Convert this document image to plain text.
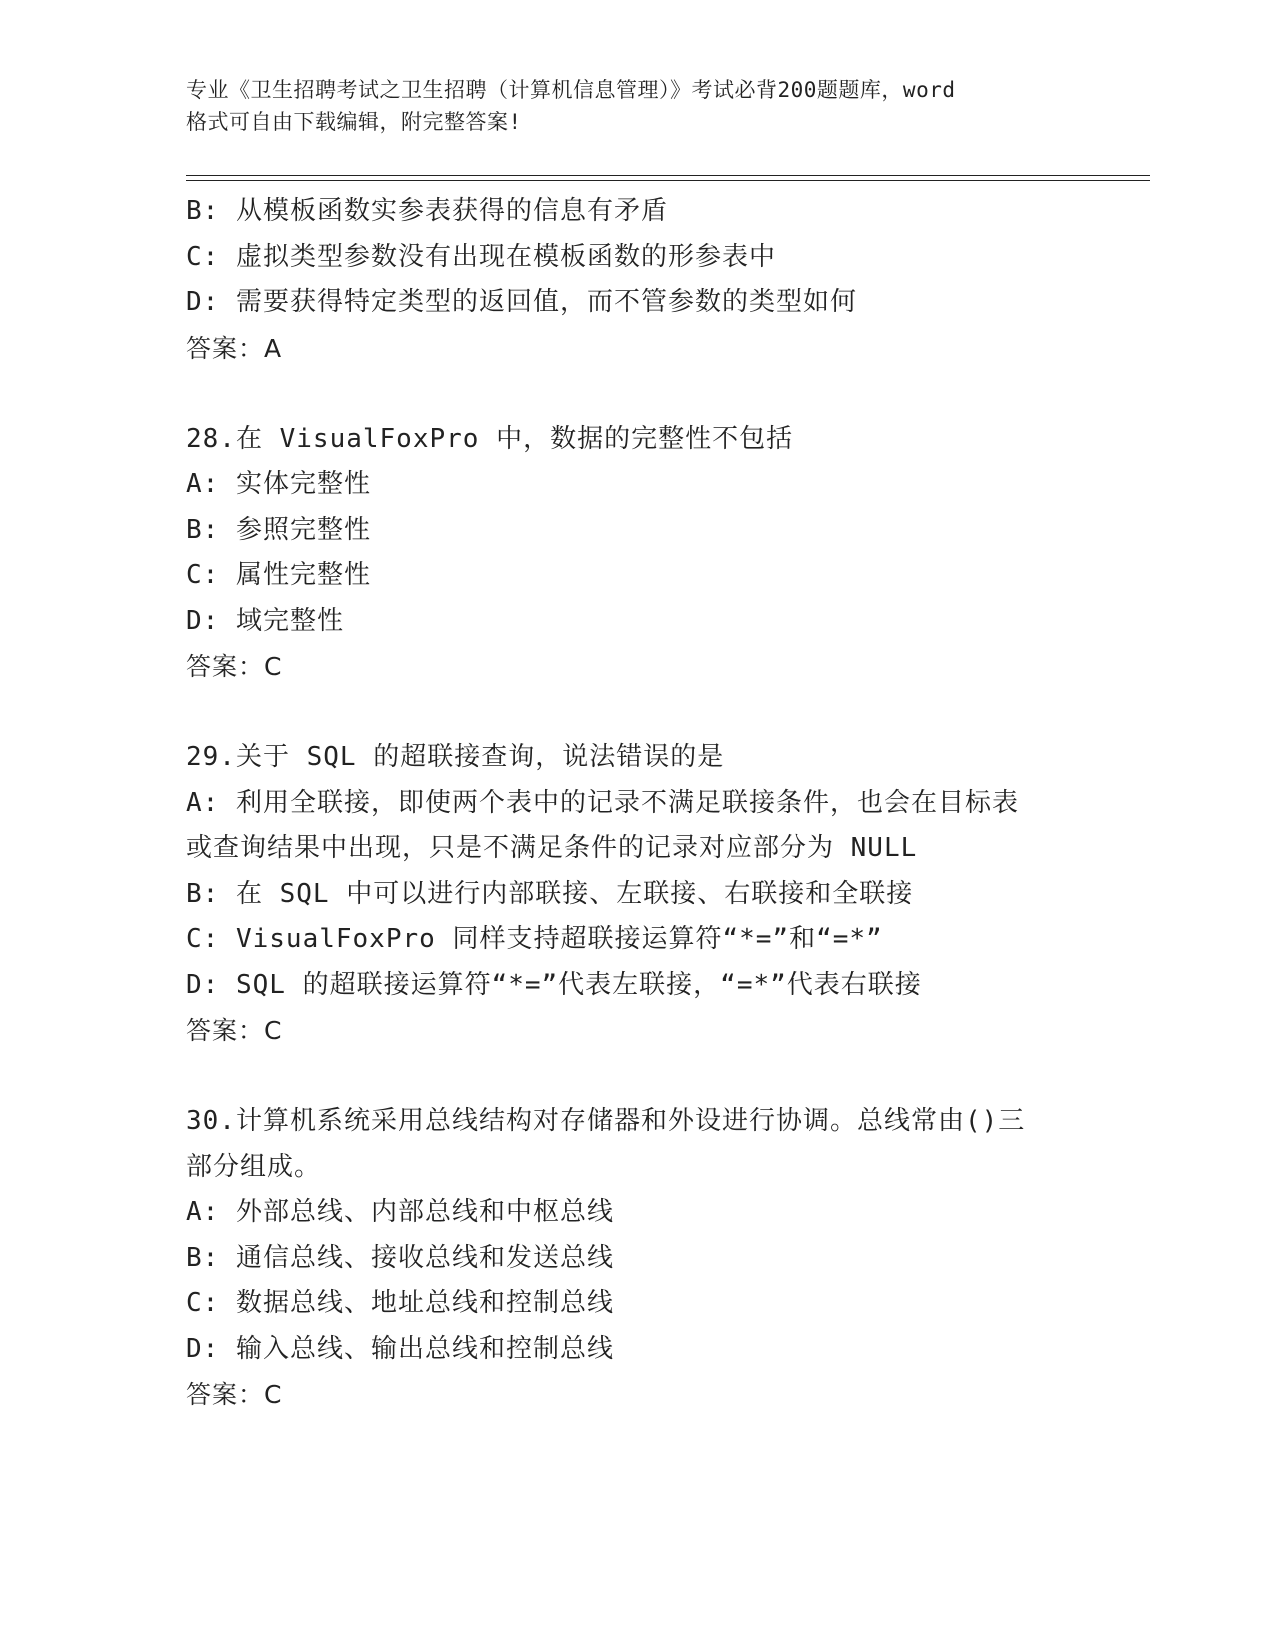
专业《卫生招聘考试之卫生招聘（计算机信息管理）》考试必背200题题库，word
格式可自由下载编辑，附完整答案!
B: 从模板函数实参表获得的信息有矛盾
C: 虚拟类型参数没有出现在模板函数的形参表中
D: 需要获得特定类型的返回值，而不管参数的类型如何
答案：A
28.在 VisualFoxPro 中，数据的完整性不包括
A: 实体完整性
B: 参照完整性
C: 属性完整性
D: 域完整性
答案：C
29.关于 SQL 的超联接查询，说法错误的是
A: 利用全联接，即使两个表中的记录不满足联接条件，也会在目标表
或查询结果中出现，只是不满足条件的记录对应部分为 NULL
B: 在 SQL 中可以进行内部联接、左联接、右联接和全联接
C: VisualFoxPro 同样支持超联接运算符“*=”和“=*”
D: SQL 的超联接运算符“*=”代表左联接，“=*”代表右联接
答案：C
30.计算机系统采用总线结构对存储器和外设进行协调。总线常由()三
部分组成。
A: 外部总线、内部总线和中枢总线
B: 通信总线、接收总线和发送总线
C: 数据总线、地址总线和控制总线
D: 输入总线、输出总线和控制总线
答案：C
